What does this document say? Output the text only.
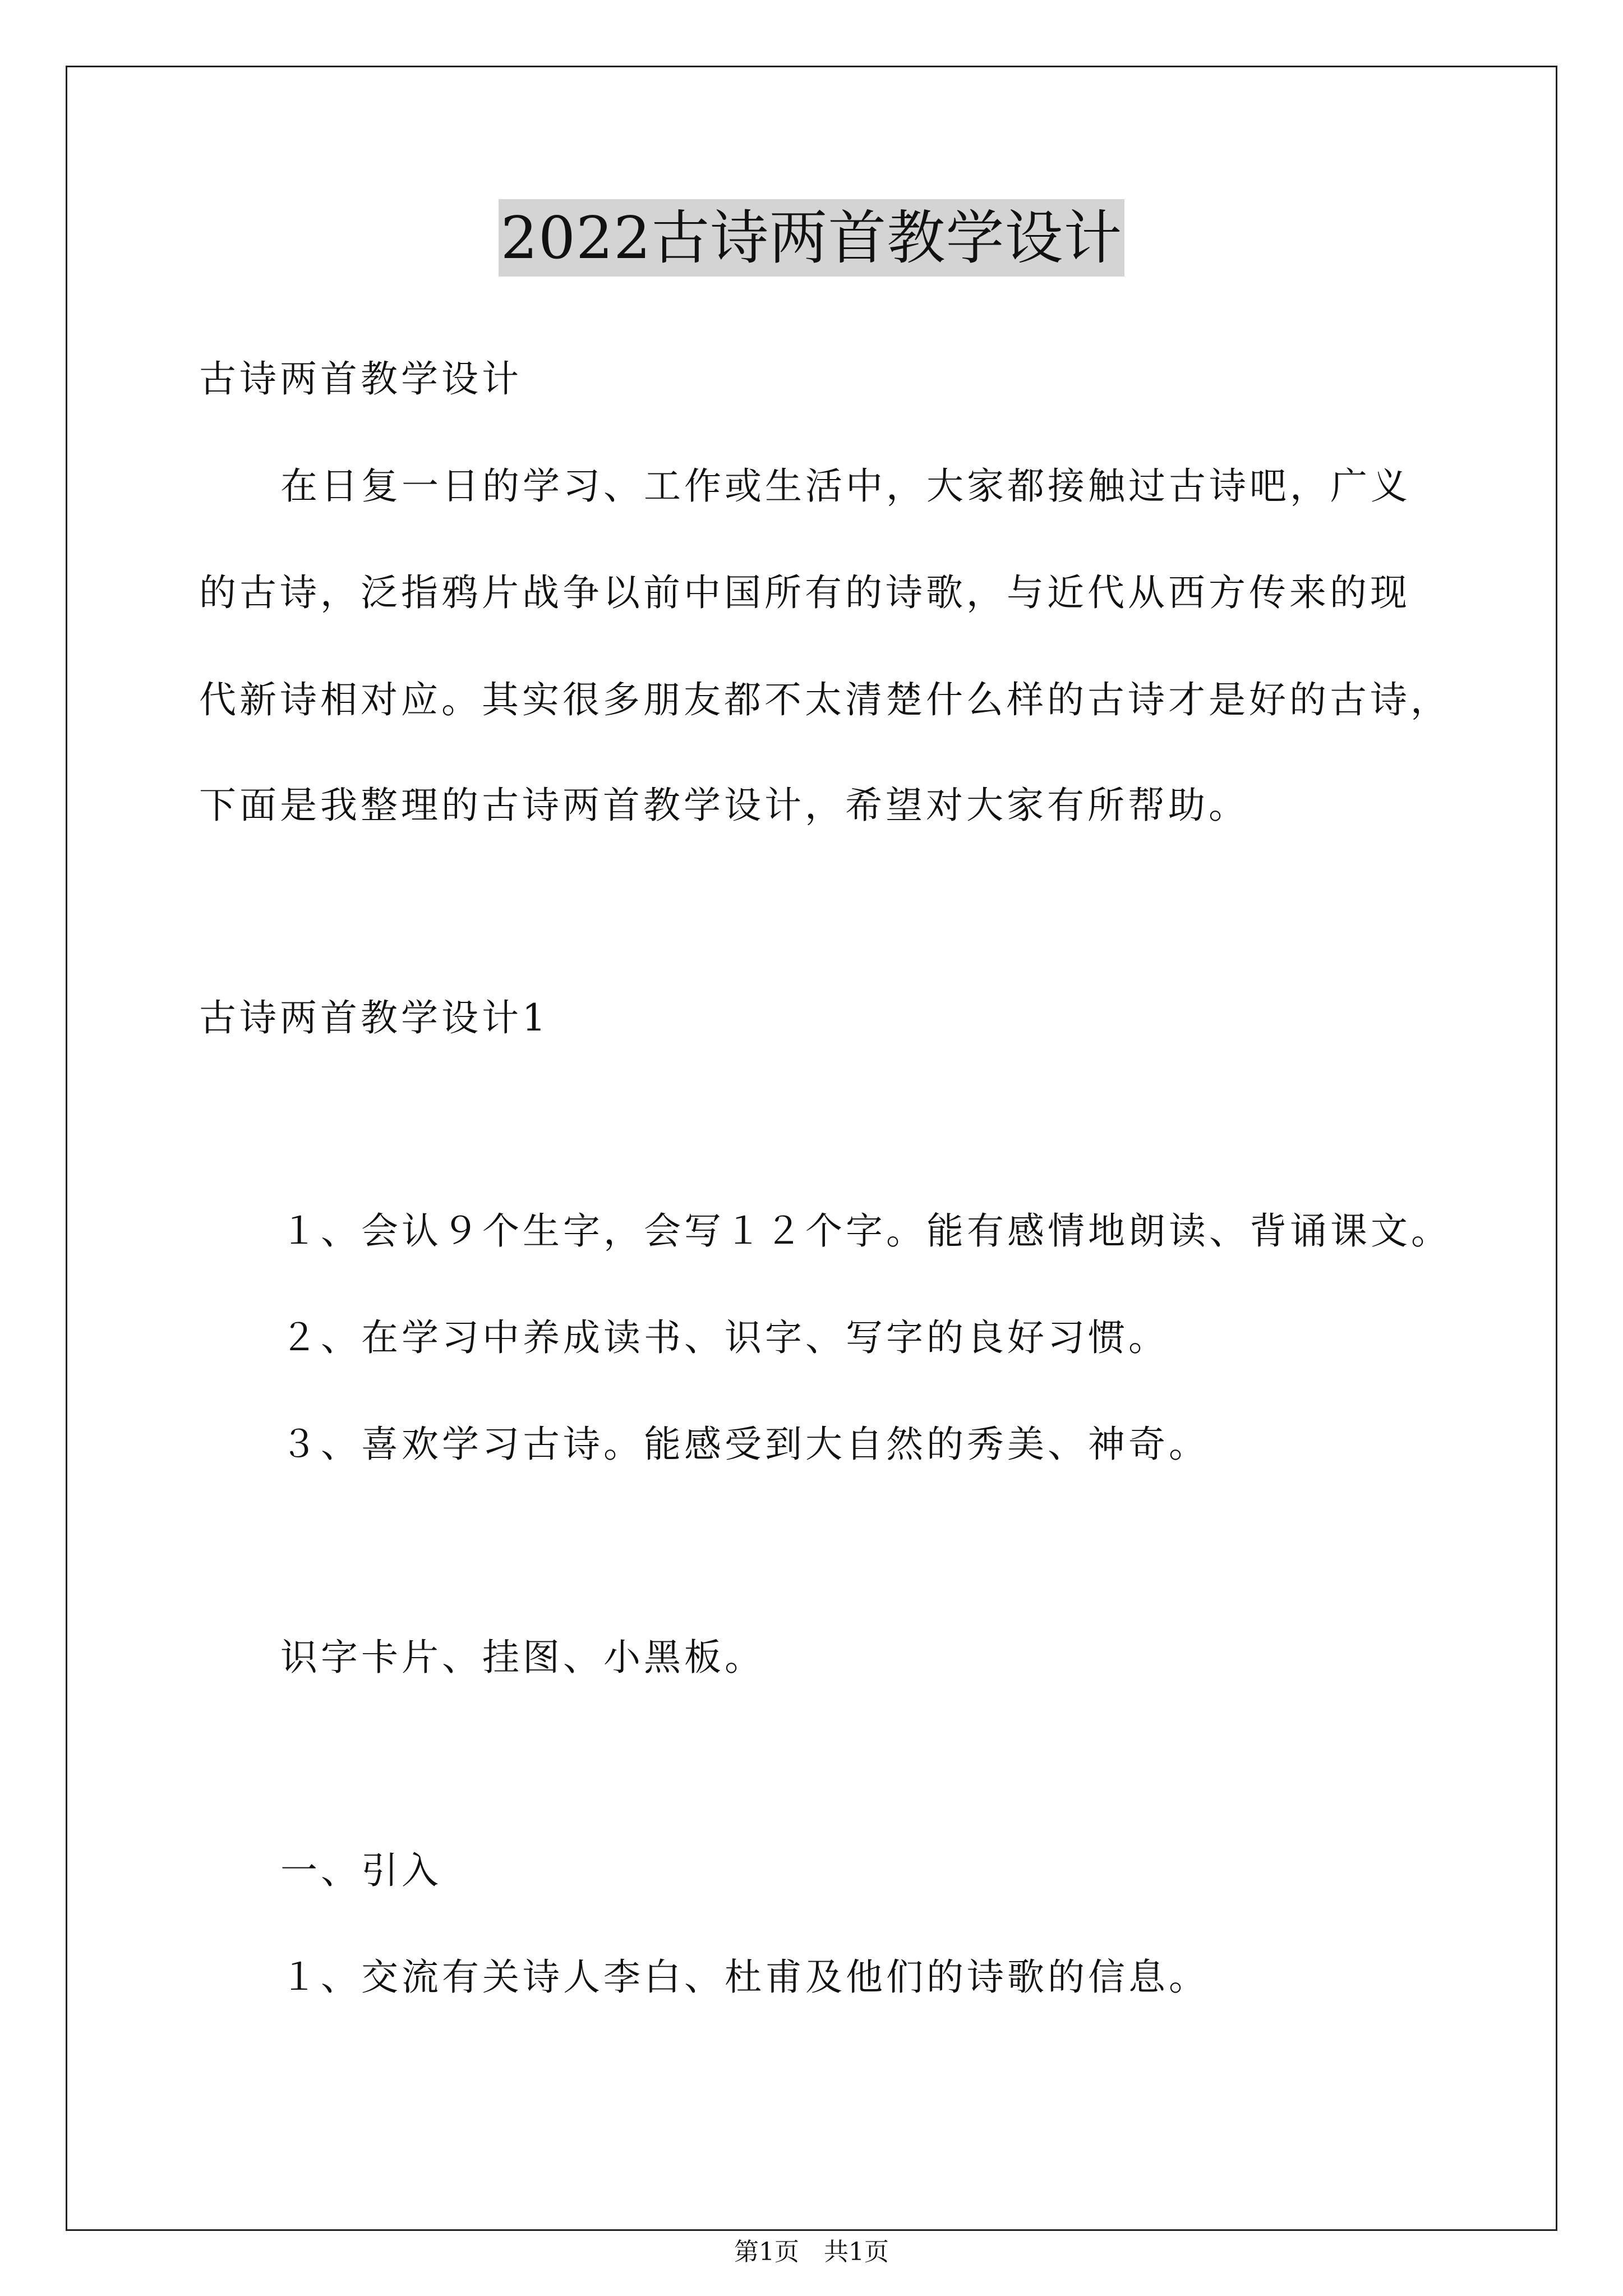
2022古诗两首教学设计
古诗两首教学设计
在日复一日的学习、工作或生活中，大家都接触过古诗吧，广义
的古诗，泛指鸦片战争以前中国所有的诗歌，与近代从西方传来的现
代新诗相对应。其实很多朋友都不太清楚什么样的古诗才是好的古诗，
下面是我整理的古诗两首教学设计，希望对大家有所帮助。
古诗两首教学设计1
１、会认９个生字，会写１２个字。能有感情地朗读、背诵课文。
２、在学习中养成读书、识字、写字的良好习惯。
３、喜欢学习古诗。能感受到大自然的秀美、神奇。
识字卡片、挂图、小黑板。
一、引入
１、交流有关诗人李白、杜甫及他们的诗歌的信息。
第1页　共1页
